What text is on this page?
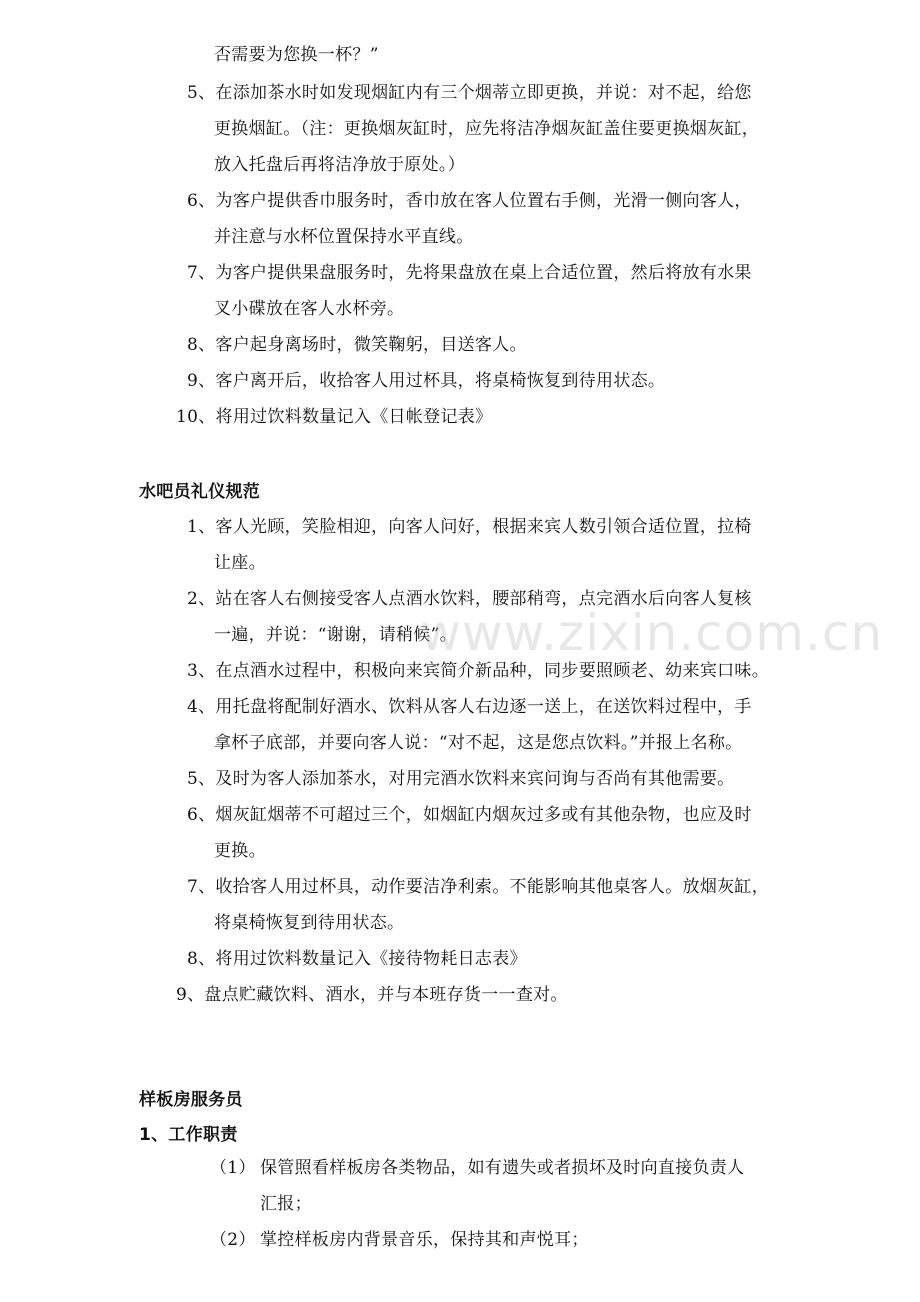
否需要为您换一杯？”
5、在添加茶水时如发现烟缸内有三个烟蒂立即更换，并说：对不起，给您
更换烟缸。（注：更换烟灰缸时，应先将洁净烟灰缸盖住要更换烟灰缸，
放入托盘后再将洁净放于原处。）
6、为客户提供香巾服务时，香巾放在客人位置右手侧，光滑一侧向客人，
并注意与水杯位置保持水平直线。
7、为客户提供果盘服务时，先将果盘放在桌上合适位置，然后将放有水果
叉小碟放在客人水杯旁。
8、客户起身离场时，微笑鞠躬，目送客人。
9、客户离开后，收拾客人用过杯具，将桌椅恢复到待用状态。
10、将用过饮料数量记入《日帐登记表》
水吧员礼仪规范
1、客人光顾，笑脸相迎，向客人问好，根据来宾人数引领合适位置，拉椅
让座。
2、站在客人右侧接受客人点酒水饮料，腰部稍弯，点完酒水后向客人复核
一遍，并说：“谢谢，请稍候”。
3、在点酒水过程中，积极向来宾简介新品种，同步要照顾老、幼来宾口味。
4、用托盘将配制好酒水、饮料从客人右边逐一送上，在送饮料过程中，手
拿杯子底部，并要向客人说：“对不起，这是您点饮料。”并报上名称。
5、及时为客人添加茶水，对用完酒水饮料来宾问询与否尚有其他需要。
6、烟灰缸烟蒂不可超过三个，如烟缸内烟灰过多或有其他杂物，也应及时
更换。
7、收拾客人用过杯具，动作要洁净利索。不能影响其他桌客人。放烟灰缸，
将桌椅恢复到待用状态。
8、将用过饮料数量记入《接待物耗日志表》
9、盘点贮藏饮料、酒水，并与本班存货一一查对。
样板房服务员
1、工作职责
（1） 保管照看样板房各类物品，如有遗失或者损坏及时向直接负责人
汇报；
（2） 掌控样板房内背景音乐，保持其和声悦耳；
www.zixin.com.cn
